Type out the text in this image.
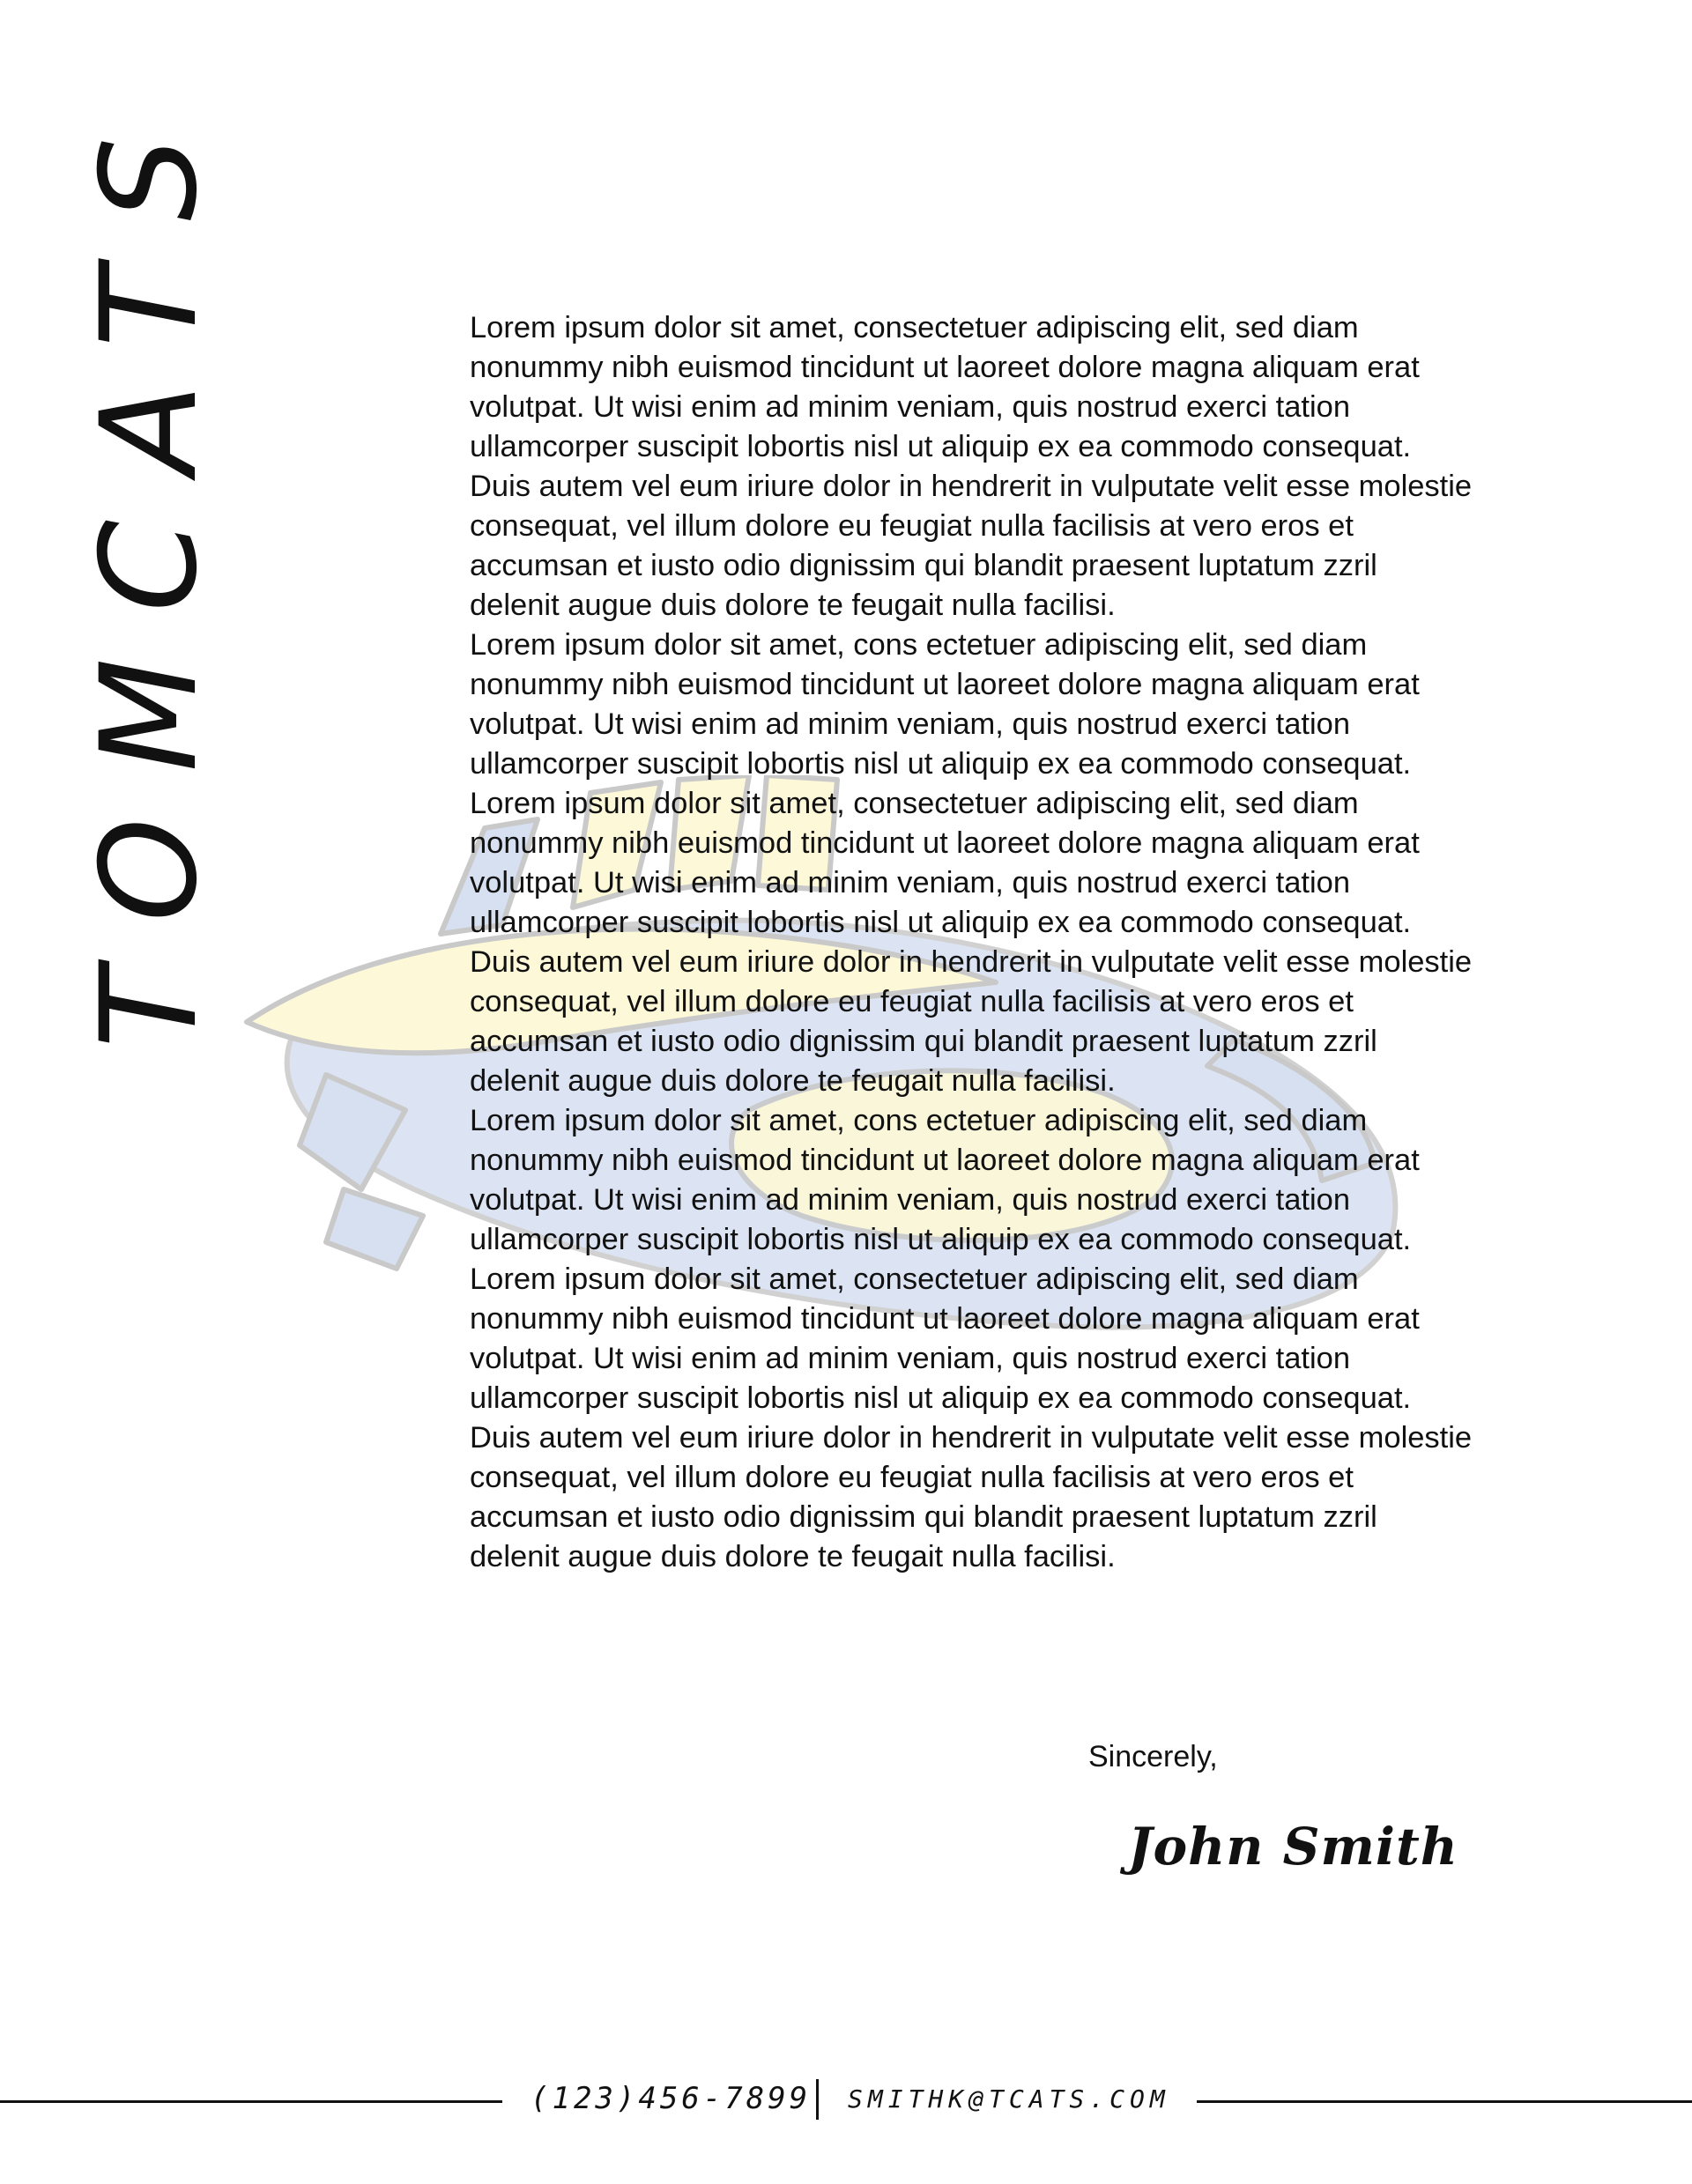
TOMCATS	Lorem ipsum dolor sit amet, consectetuer adipiscing elit, sed diam nonummy nibh euismod tincidunt ut laoreet dolore magna aliquam erat volutpat. Ut wisi enim ad minim veniam, quis nostrud exerci tation ullamcorper suscipit lobortis nisl ut aliquip ex ea commodo consequat. Duis autem vel eum iriure dolor in hendrerit in vulputate velit esse molestie consequat, vel illum dolore eu feugiat nulla facilisis at vero eros et accumsan et iusto odio dignissim qui blandit praesent luptatum zzril delenit augue duis dolore te feugait nulla facilisi.

Lorem ipsum dolor sit amet, cons ectetuer adipiscing elit, sed diam nonummy nibh euismod tincidunt ut laoreet dolore magna aliquam erat volutpat. Ut wisi enim ad minim veniam, quis nostrud exerci tation ullamcorper suscipit lobortis nisl ut aliquip ex ea commodo consequat.

Lorem ipsum dolor sit amet, consectetuer adipiscing elit, sed diam nonummy nibh euismod tincidunt ut laoreet dolore magna aliquam erat volutpat. Ut wisi enim ad minim veniam, quis nostrud exerci tation ullamcorper suscipit lobortis nisl ut aliquip ex ea commodo consequat. Duis autem vel eum iriure dolor in hendrerit in vulputate velit esse molestie consequat, vel illum dolore eu feugiat nulla facilisis at vero eros et accumsan et iusto odio dignissim qui blandit praesent luptatum zzril delenit augue duis dolore te feugait nulla facilisi.

Lorem ipsum dolor sit amet, cons ectetuer adipiscing elit, sed diam nonummy nibh euismod tincidunt ut laoreet dolore magna aliquam erat volutpat. Ut wisi enim ad minim veniam, quis nostrud exerci tation ullamcorper suscipit lobortis nisl ut aliquip ex ea commodo consequat.

Lorem ipsum dolor sit amet, consectetuer adipiscing elit, sed diam nonummy nibh euismod tincidunt ut laoreet dolore magna aliquam erat volutpat. Ut wisi enim ad minim veniam, quis nostrud exerci tation ullamcorper suscipit lobortis nisl ut aliquip ex ea commodo consequat. Duis autem vel eum iriure dolor in hendrerit in vulputate velit esse molestie consequat, vel illum dolore eu feugiat nulla facilisis at vero eros et accumsan et iusto odio dignissim qui blandit praesent luptatum zzril delenit augue duis dolore te feugait nulla facilisi.

Sincerely,
John Smith
(123)456-7899 SMITHK@TCATS.COM
